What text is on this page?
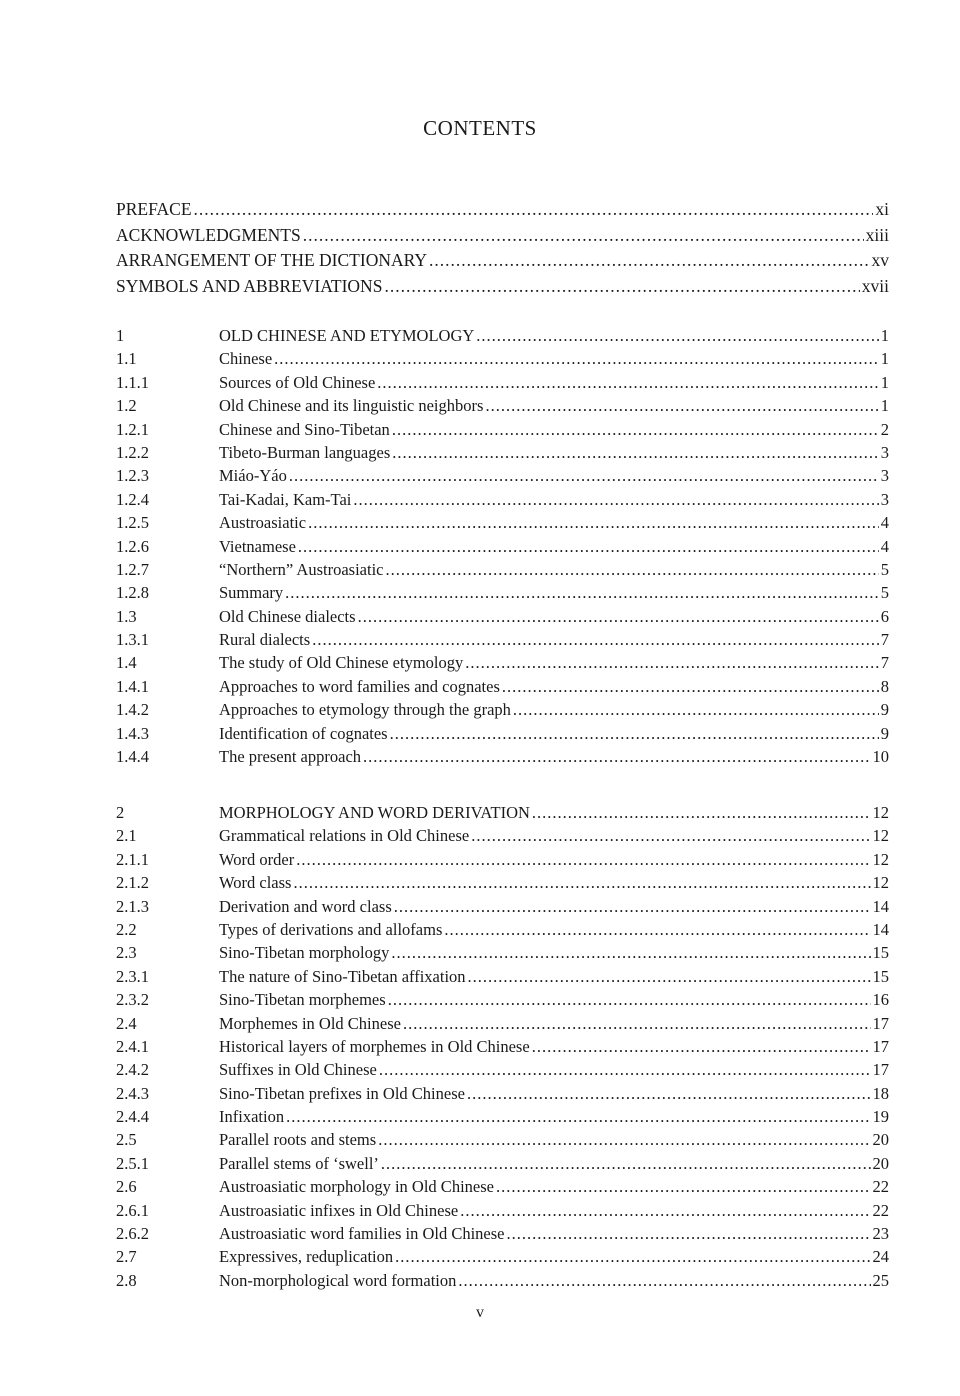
CONTENTS
PREFACE .....	xi
ACKNOWLEDGMENTS .....	xiii
ARRANGEMENT OF THE DICTIONARY .....	xv
SYMBOLS AND ABBREVIATIONS .....	xvii
1	OLD CHINESE AND ETYMOLOGY .....	1
1.1	Chinese .....	1
1.1.1	Sources of Old Chinese .....	1
1.2	Old Chinese and its linguistic neighbors .....	1
1.2.1	Chinese and Sino-Tibetan .....	2
1.2.2	Tibeto-Burman languages .....	3
1.2.3	Miáo-Yáo .....	3
1.2.4	Tai-Kadai, Kam-Tai .....	3
1.2.5	Austroasiatic .....	4
1.2.6	Vietnamese .....	4
1.2.7	“Northern” Austroasiatic .....	5
1.2.8	Summary .....	5
1.3	Old Chinese dialects .....	6
1.3.1	Rural dialects .....	7
1.4	The study of Old Chinese etymology .....	7
1.4.1	Approaches to word families and cognates .....	8
1.4.2	Approaches to etymology through the graph .....	9
1.4.3	Identification of cognates .....	9
1.4.4	The present approach .....	10
2	MORPHOLOGY AND WORD DERIVATION .....	12
2.1	Grammatical relations in Old Chinese .....	12
2.1.1	Word order .....	12
2.1.2	Word class .....	12
2.1.3	Derivation and word class .....	14
2.2	Types of derivations and allofams .....	14
2.3	Sino-Tibetan morphology .....	15
2.3.1	The nature of Sino-Tibetan affixation .....	15
2.3.2	Sino-Tibetan morphemes .....	16
2.4	Morphemes in Old Chinese .....	17
2.4.1	Historical layers of morphemes in Old Chinese .....	17
2.4.2	Suffixes in Old Chinese .....	17
2.4.3	Sino-Tibetan prefixes in Old Chinese .....	18
2.4.4	Infixation .....	19
2.5	Parallel roots and stems .....	20
2.5.1	Parallel stems of ‘swell’ .....	20
2.6	Austroasiatic morphology in Old Chinese .....	22
2.6.1	Austroasiatic infixes in Old Chinese .....	22
2.6.2	Austroasiatic word families in Old Chinese .....	23
2.7	Expressives, reduplication .....	24
2.8	Non-morphological word formation .....	25
v
